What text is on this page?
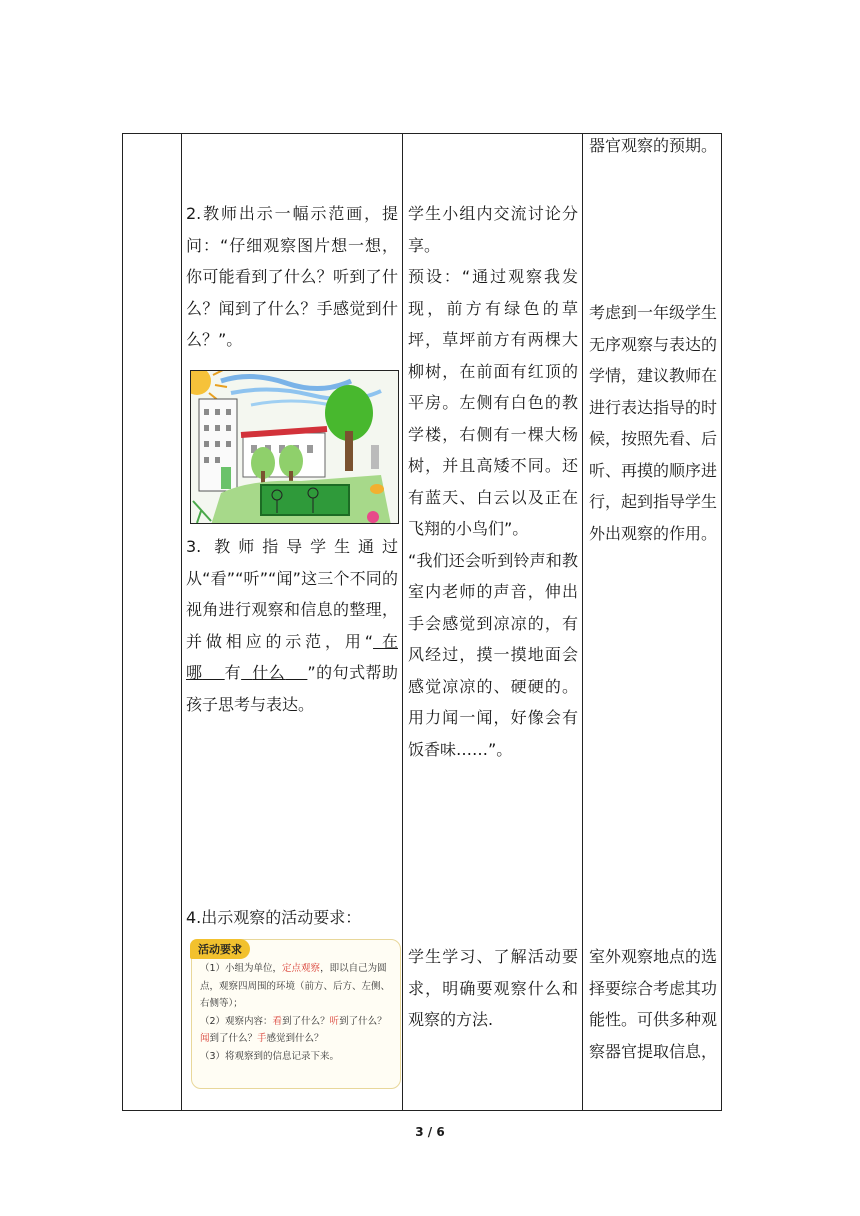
2.教师出示一幅示范画，提问：“仔细观察图片想一想，你可能看到了什么？听到了什么？闻到了什么？手感觉到什么？”。

3. 教师指导学生通过从“看”“听”“闻”这三个不同的视角进行观察和信息的整理，并做相应的示范，用“ 在哪 有 什么 ”的句式帮助孩子思考与表达。

4.出示观察的活动要求：

活动要求

（1）小组为单位，定点观察，即以自己为圆点，观察四周围的环境（前方、后方、左侧、右侧等）；

（2）观察内容：看到了什么？听到了什么？闻到了什么？手感觉到什么？

（3）将观察到的信息记录下来。

学生小组内交流讨论分享。

预设：“通过观察我发现，前方有绿色的草坪，草坪前方有两棵大柳树，在前面有红顶的平房。左侧有白色的教学楼，右侧有一棵大杨树，并且高矮不同。还有蓝天、白云以及正在飞翔的小鸟们”。

“我们还会听到铃声和教室内老师的声音，伸出手会感觉到凉凉的，有风经过，摸一摸地面会感觉凉凉的、硬硬的。用力闻一闻，好像会有饭香味……”。

学生学习、了解活动要求，明确要观察什么和观察的方法.

器官观察的预期。

考虑到一年级学生无序观察与表达的学情，建议教师在进行表达指导的时候，按照先看、后听、再摸的顺序进行，起到指导学生外出观察的作用。

室外观察地点的选择要综合考虑其功能性。可供多种观察器官提取信息，

3 / 6
